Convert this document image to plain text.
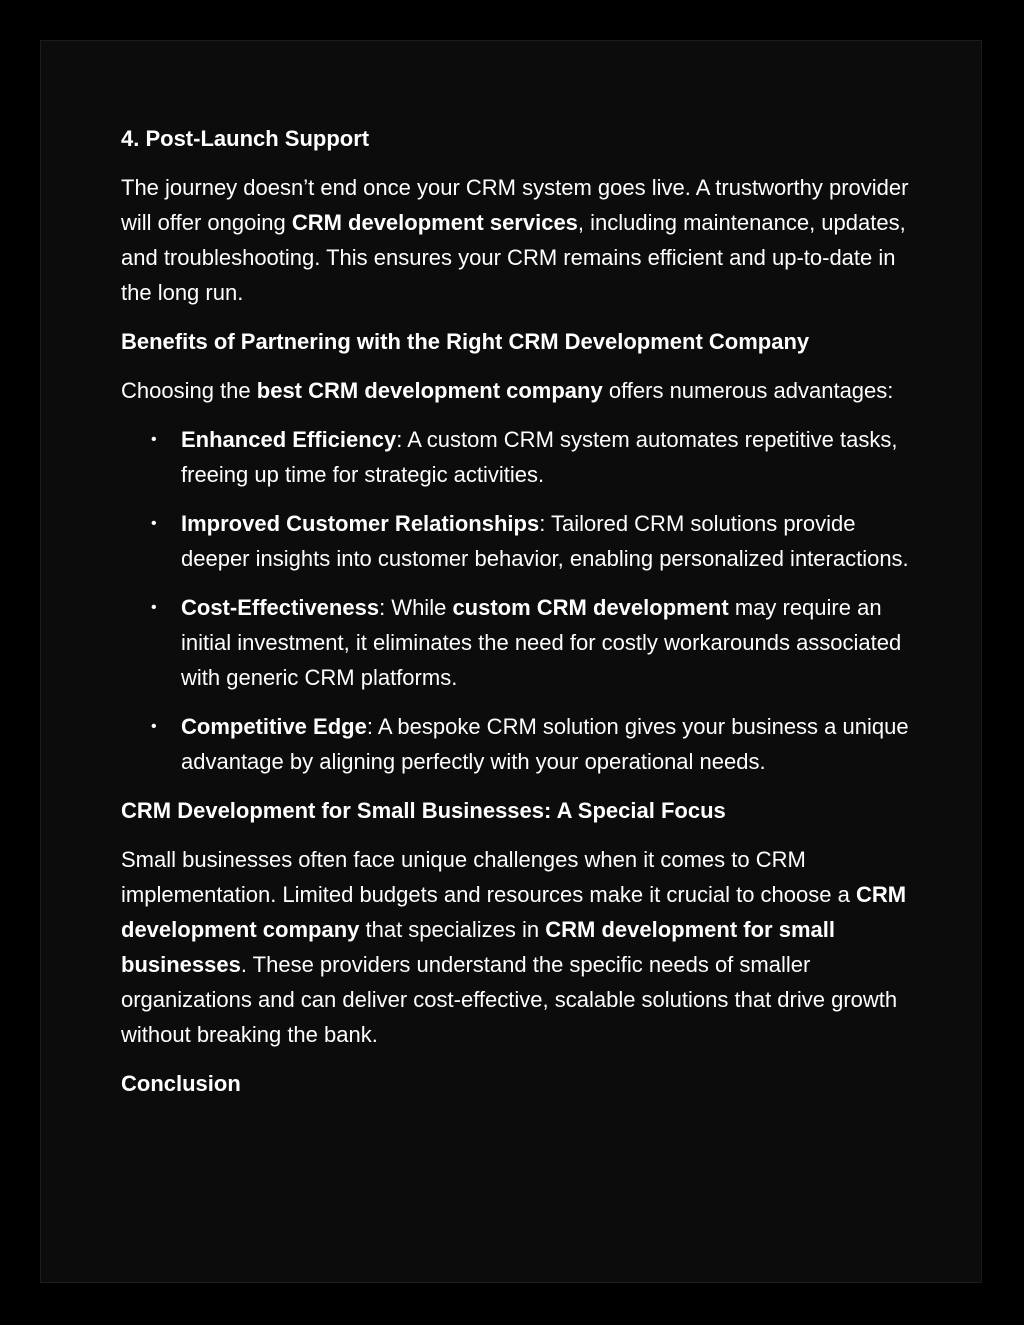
4. Post-Launch Support

The journey doesn’t end once your CRM system goes live. A trustworthy provider will offer ongoing CRM development services, including maintenance, updates, and troubleshooting. This ensures your CRM remains efficient and up-to-date in the long run.

Benefits of Partnering with the Right CRM Development Company

Choosing the best CRM development company offers numerous advantages:

• Enhanced Efficiency: A custom CRM system automates repetitive tasks, freeing up time for strategic activities.
• Improved Customer Relationships: Tailored CRM solutions provide deeper insights into customer behavior, enabling personalized interactions.
• Cost-Effectiveness: While custom CRM development may require an initial investment, it eliminates the need for costly workarounds associated with generic CRM platforms.
• Competitive Edge: A bespoke CRM solution gives your business a unique advantage by aligning perfectly with your operational needs.
CRM Development for Small Businesses: A Special Focus

Small businesses often face unique challenges when it comes to CRM implementation. Limited budgets and resources make it crucial to choose a CRM development company that specializes in CRM development for small businesses. These providers understand the specific needs of smaller organizations and can deliver cost-effective, scalable solutions that drive growth without breaking the bank.

Conclusion
